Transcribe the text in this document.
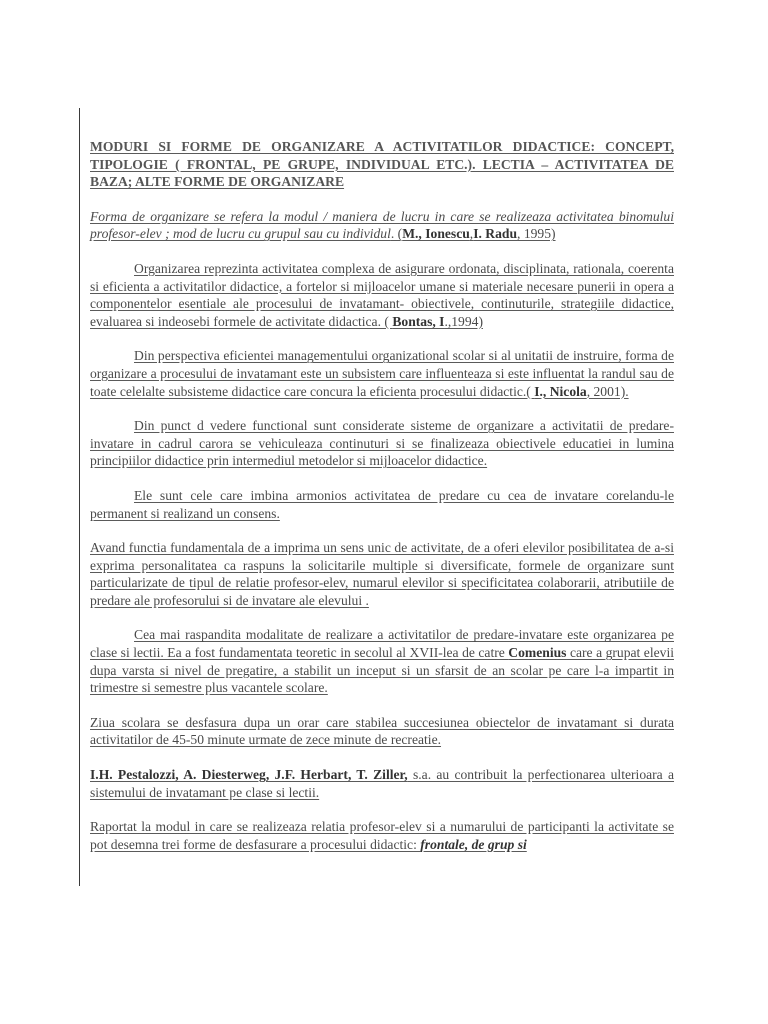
MODURI SI FORME DE ORGANIZARE A ACTIVITATILOR DIDACTICE: CONCEPT, TIPOLOGIE ( FRONTAL, PE GRUPE, INDIVIDUAL ETC.). LECTIA – ACTIVITATEA DE BAZA; ALTE FORME DE ORGANIZARE

Forma de organizare se refera la modul / maniera de lucru in care se realizeaza activitatea binomului profesor-elev ; mod de lucru cu grupul sau cu individul. (M., Ionescu,I. Radu, 1995)

Organizarea reprezinta activitatea complexa de asigurare ordonata, disciplinata, rationala, coerenta si eficienta a activitatilor didactice, a fortelor si mijloacelor umane si materiale necesare punerii in opera a componentelor esentiale ale procesului de invatamant- obiectivele, continuturile, strategiile didactice, evaluarea si indeosebi formele de activitate didactica. ( Bontas, I.,1994)

Din perspectiva eficientei managementului organizational scolar si al unitatii de instruire, forma de organizare a procesului de invatamant este un subsistem care influenteaza si este influentat la randul sau de toate celelalte subsisteme didactice care concura la eficienta procesului didactic.( I., Nicola, 2001).

Din punct d vedere functional sunt considerate sisteme de organizare a activitatii de predare-invatare in cadrul carora se vehiculeaza continuturi si se finalizeaza obiectivele educatiei in lumina principiilor didactice prin intermediul metodelor si mijloacelor didactice.

Ele sunt cele care imbina armonios activitatea de predare cu cea de invatare corelandu-le permanent si realizand un consens.

Avand functia fundamentala de a imprima un sens unic de activitate, de a oferi elevilor posibilitatea de a-si exprima personalitatea ca raspuns la solicitarile multiple si diversificate, formele de organizare sunt particularizate de tipul de relatie profesor-elev, numarul elevilor si specificitatea colaborarii, atributiile de predare ale profesorului si de invatare ale elevului .

Cea mai raspandita modalitate de realizare a activitatilor de predare-invatare este organizarea pe clase si lectii. Ea a fost fundamentata teoretic in secolul al XVII-lea de catre Comenius care a grupat elevii dupa varsta si nivel de pregatire, a stabilit un inceput si un sfarsit de an scolar pe care l-a impartit in trimestre si semestre plus vacantele scolare.

Ziua scolara se desfasura dupa un orar care stabilea succesiunea obiectelor de invatamant si durata activitatilor de 45-50 minute urmate de zece minute de recreatie.

I.H. Pestalozzi, A. Diesterweg, J.F. Herbart, T. Ziller, s.a. au contribuit la perfectionarea ulterioara a sistemului de invatamant pe clase si lectii.

Raportat la modul in care se realizeaza relatia profesor-elev si a numarului de participanti la activitate se pot desemna trei forme de desfasurare a procesului didactic: frontale, de grup si
